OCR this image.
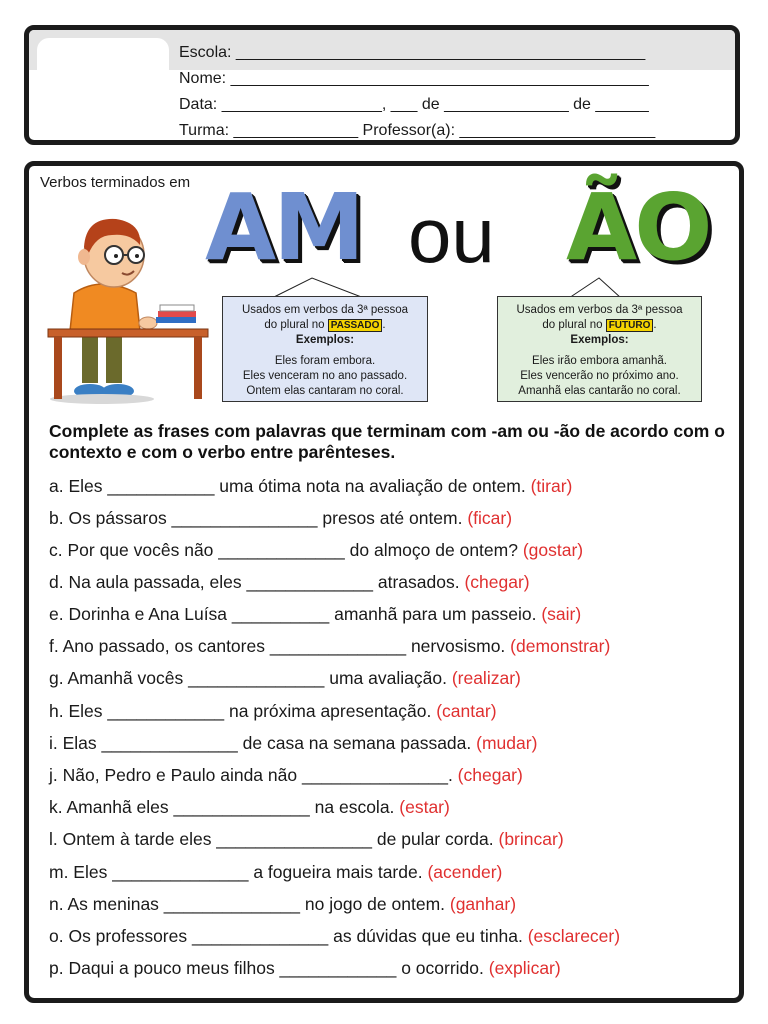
Escola: ______________________________________________
Nome: _______________________________________________
Data: __________________, ___ de ______________ de ______
Turma: ______________ Professor(a): ______________________
Verbos terminados em AM ou ÃO
Usados em verbos da 3ª pessoa
do plural no PASSADO .
Exemplos:
Eles foram embora.
Eles venceram no ano passado.
Ontem elas cantaram no coral.
Usados em verbos da 3ª pessoa
do plural no FUTURO .
Exemplos:
Eles irão embora amanhã.
Eles vencerão no próximo ano.
Amanhã elas cantarão no coral.
Complete as frases com palavras que terminam com -am ou -ão de acordo com o contexto e com o verbo entre parênteses.
a. Eles ___________ uma ótima nota na avaliação de ontem. (tirar)
b. Os pássaros _______________ presos até ontem. (ficar)
c. Por que vocês não _____________ do almoço de ontem? (gostar)
d. Na aula passada, eles _____________ atrasados. (chegar)
e. Dorinha e Ana Luísa __________ amanhã para um passeio. (sair)
f. Ano passado, os cantores ______________ nervosismo. (demonstrar)
g. Amanhã vocês ______________ uma avaliação. (realizar)
h. Eles ____________ na próxima apresentação. (cantar)
i. Elas ______________ de casa na semana passada. (mudar)
j. Não, Pedro e Paulo ainda não _______________. (chegar)
k. Amanhã eles ______________ na escola. (estar)
l. Ontem à tarde eles ________________ de pular corda. (brincar)
m. Eles ______________ a fogueira mais tarde. (acender)
n. As meninas ______________ no jogo de ontem. (ganhar)
o. Os professores ______________ as dúvidas que eu tinha. (esclarecer)
p. Daqui a pouco meus filhos ____________ o ocorrido. (explicar)
